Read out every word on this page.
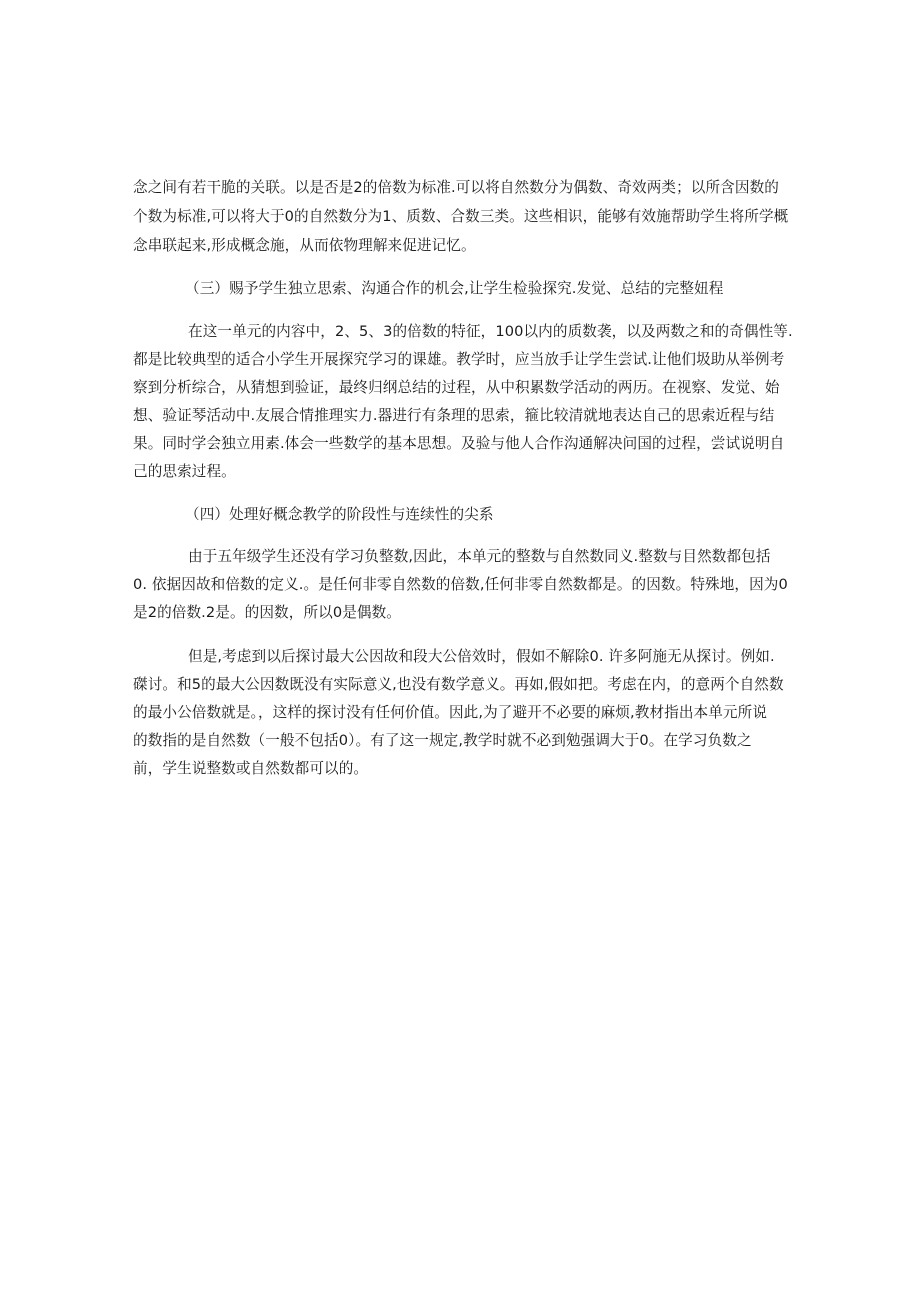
念之间有若干脆的关联。以是否是2的倍数为标准.可以将自然数分为偶数、奇效两类；以所含因数的
个数为标准,可以将大于0的自然数分为1、质数、合数三类。这些相识，能够有效施帮助学生将所学概
念串联起来,形成概念施，从而依物理解来促进记忆。
（三）赐予学生独立思索、沟通合作的机会,让学生检验探究.发觉、总结的完整妞程
在这一单元的内容中，2、5、3的倍数的特征，100以内的质数袭，以及两数之和的奇偶性等.
都是比较典型的适合小学生开展探究学习的课雄。教学时，应当放手让学生尝试.让他们圾助从举例考
察到分析综合，从猜想到验证，最终归纲总结的过程，从中积累数学活动的两历。在视察、发觉、始
想、验证琴活动中.友展合情推理实力.器进行有条理的思索，箍比较清就地表达自己的思索近程与结
果。同时学会独立用素.体会一些数学的基本思想。及验与他人合作沟通解决问国的过程，尝试说明自
己的思索过程。
（四）处理好概念教学的阶段性与连续性的尖系
由于五年级学生还没有学习负整数,因此，本单元的整数与自然数同义.整数与目然数都包括
0. 依据因故和倍数的定义.。是任何非零自然数的倍数,任何非零自然数都是。的因数。特殊地，因为0
是2的倍数.2是。的因数，所以0是偶数。
但是,考虑到以后探讨最大公因故和段大公倍效时，假如不解除0. 许多阿施无从探讨。例如.
磔讨。和5的最大公因数既没有实际意义,也没有数学意义。再如,假如把。考虑在内，的意两个自然数
的最小公倍数就是。，这样的探讨没有任何价值。因此,为了避开不必要的麻烦,教材指出本单元所说
的数指的是自然数（一般不包括0）。有了这一规定,教学时就不必到勉强调大于0。在学习负数之
前，学生说整数或自然数都可以的。
